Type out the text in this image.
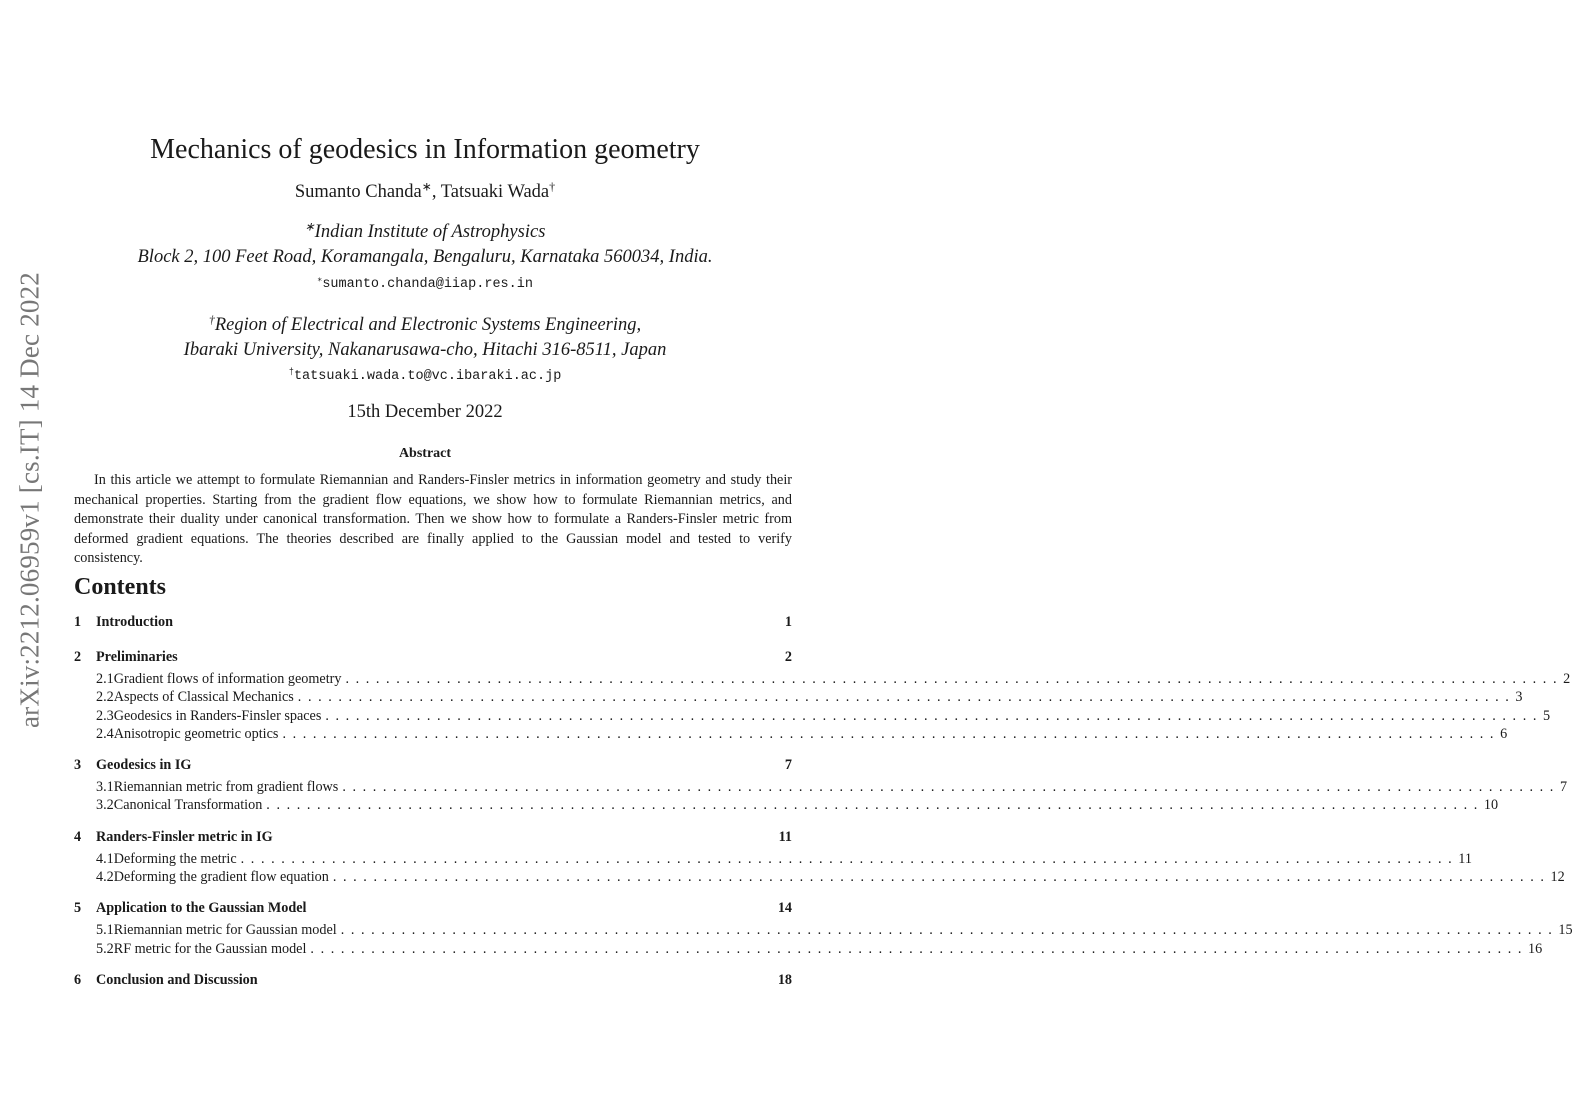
arXiv:2212.06959v1 [cs.IT] 14 Dec 2022
Mechanics of geodesics in Information geometry
Sumanto Chanda∗, Tatsuaki Wada†
∗Indian Institute of Astrophysics
Block 2, 100 Feet Road, Koramangala, Bengaluru, Karnataka 560034, India.
∗sumanto.chanda@iiap.res.in
†Region of Electrical and Electronic Systems Engineering,
Ibaraki University, Nakanarusawa-cho, Hitachi 316-8511, Japan
†tatsuaki.wada.to@vc.ibaraki.ac.jp
15th December 2022
Abstract
In this article we attempt to formulate Riemannian and Randers-Finsler metrics in information geometry and study their mechanical properties. Starting from the gradient flow equations, we show how to formulate Riemannian metrics, and demonstrate their duality under canonical transformation. Then we show how to formulate a Randers-Finsler metric from deformed gradient equations. The theories described are finally applied to the Gaussian model and tested to verify consistency.
Contents
1	Introduction	1
2	Preliminaries	2
2.1 Gradient flows of information geometry ........................................................................................................................ 2
2.2 Aspects of Classical Mechanics ........................................................................................................................ 3
2.3 Geodesics in Randers-Finsler spaces ........................................................................................................................ 5
2.4 Anisotropic geometric optics ........................................................................................................................ 6
3	Geodesics in IG	7
3.1 Riemannian metric from gradient flows ........................................................................................................................ 7
3.2 Canonical Transformation ........................................................................................................................ 10
4	Randers-Finsler metric in IG	11
4.1 Deforming the metric ........................................................................................................................ 11
4.2 Deforming the gradient flow equation ........................................................................................................................ 12
5	Application to the Gaussian Model	14
5.1 Riemannian metric for Gaussian model ........................................................................................................................ 15
5.2 RF metric for the Gaussian model ........................................................................................................................ 16
6	Conclusion and Discussion	18
